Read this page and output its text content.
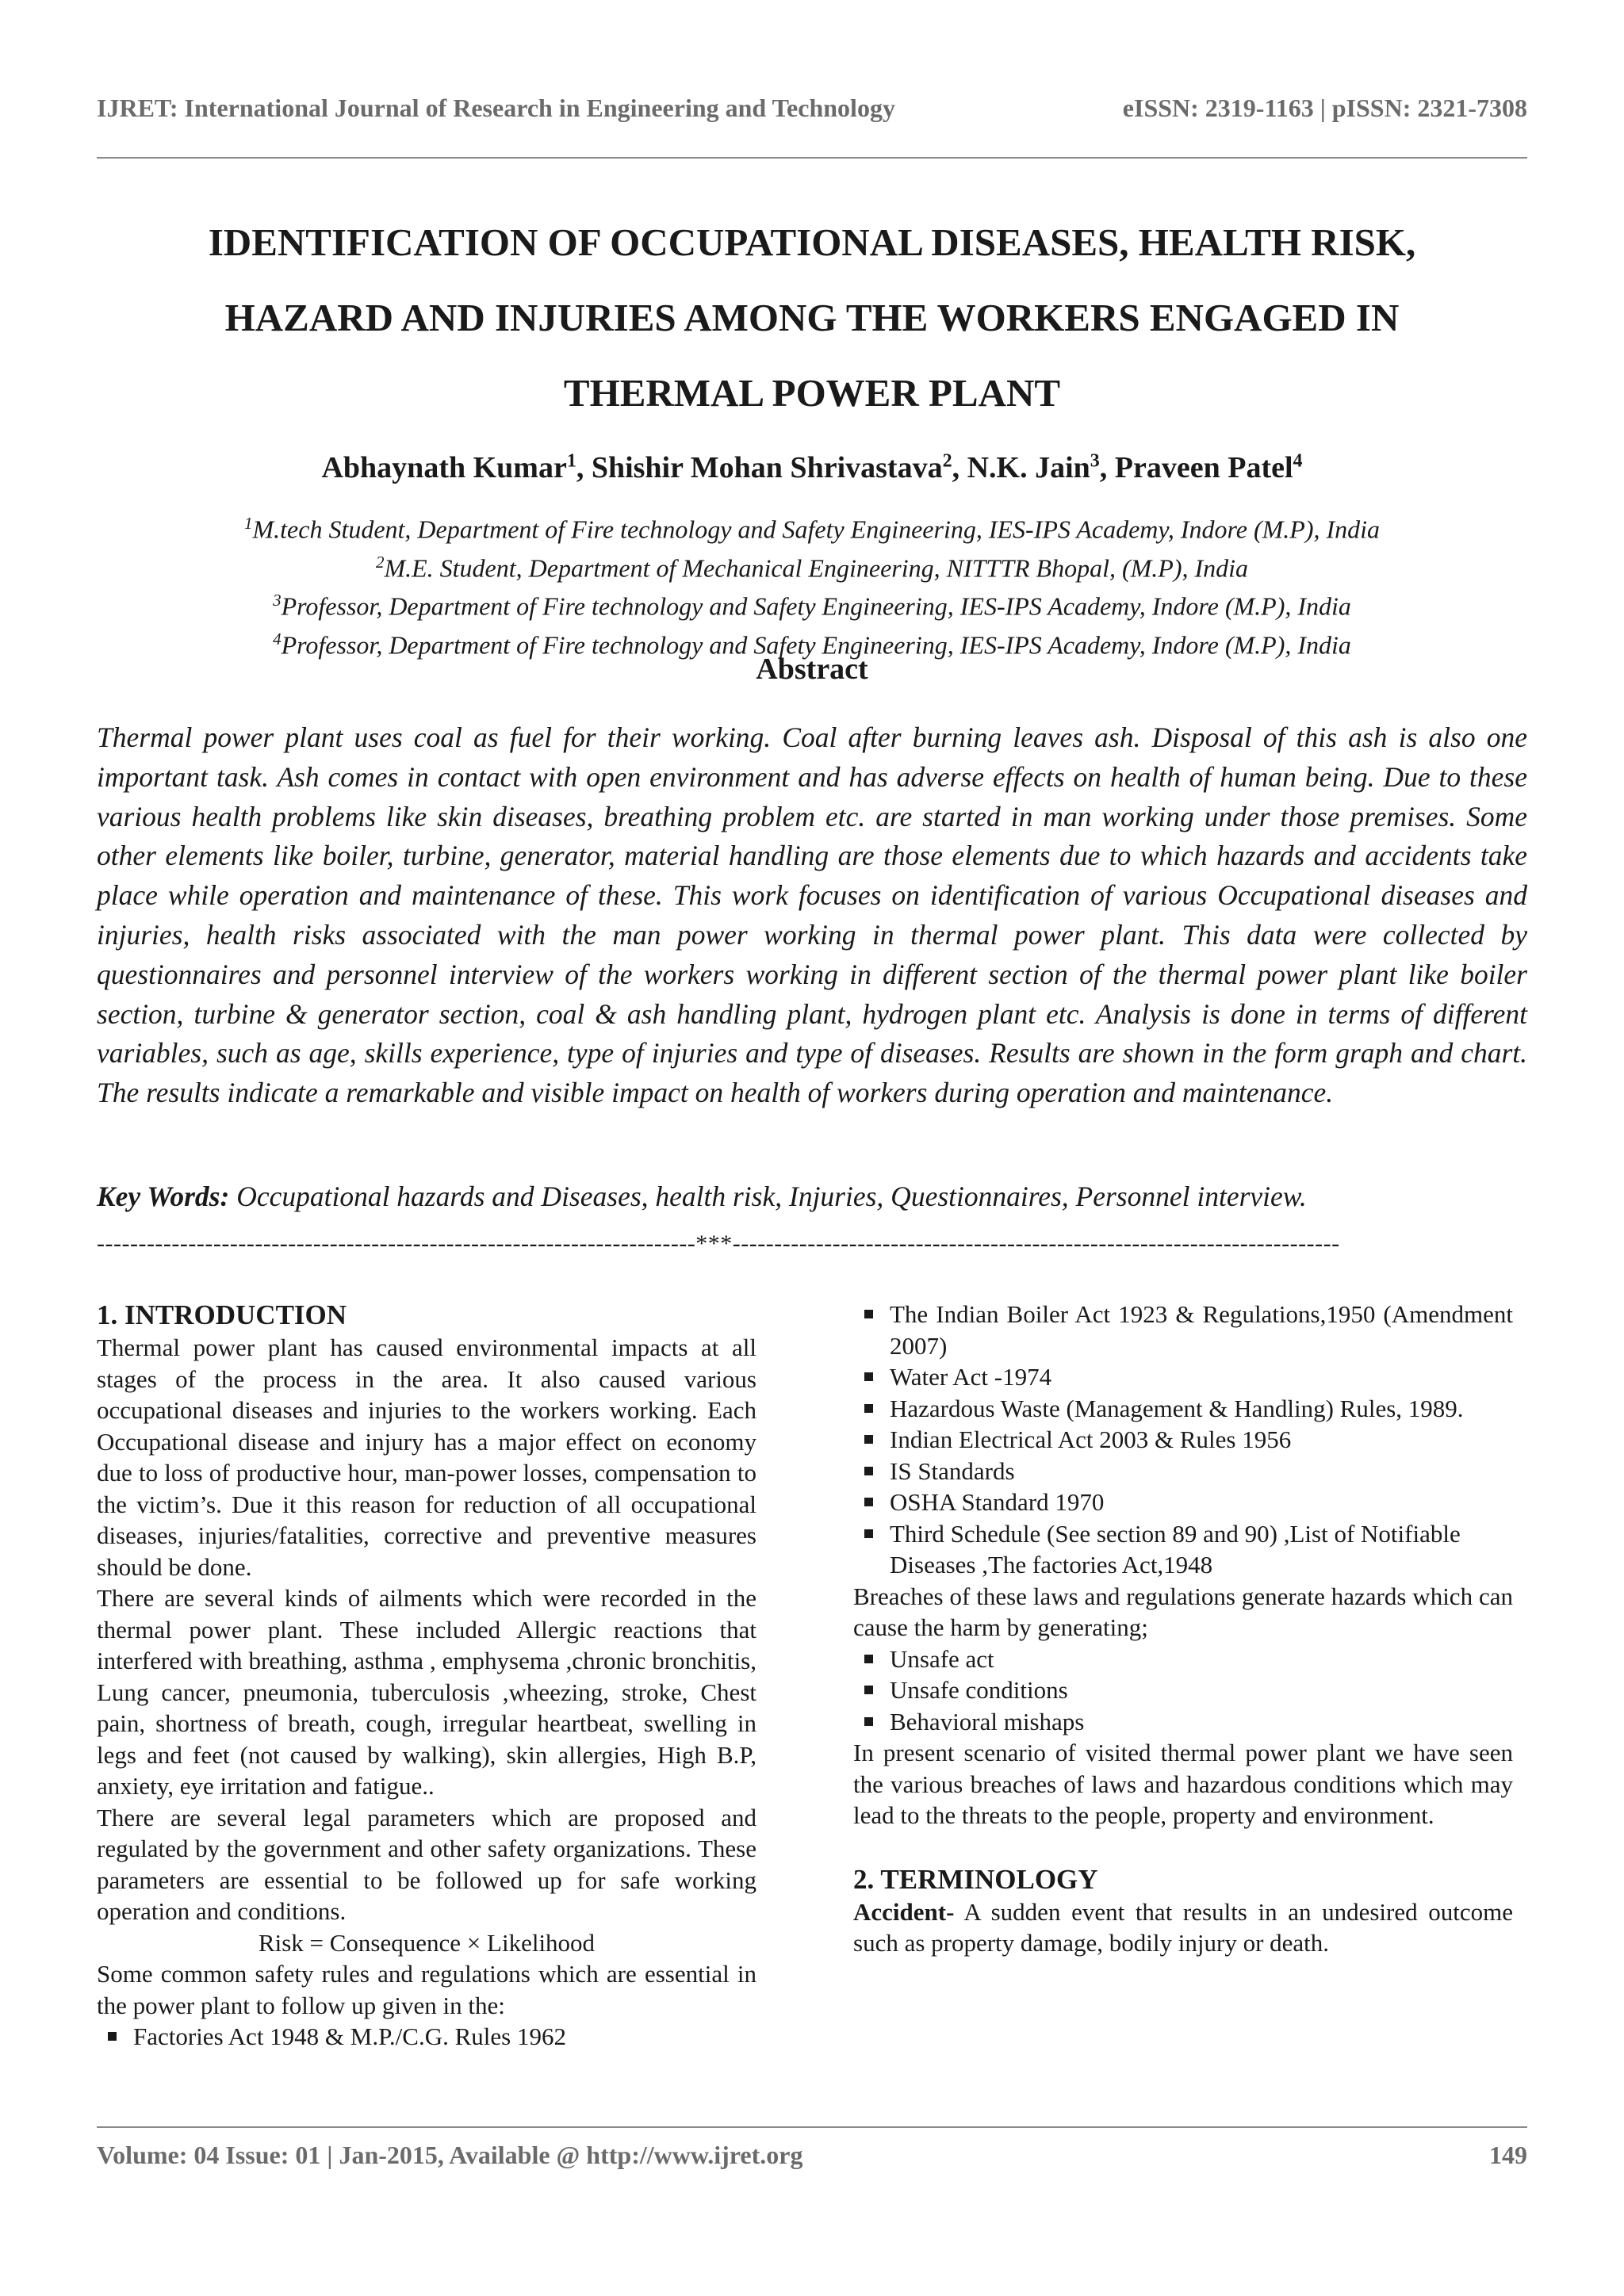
IJRET: International Journal of Research in Engineering and Technology	eISSN: 2319-1163 | pISSN: 2321-7308
IDENTIFICATION OF OCCUPATIONAL DISEASES, HEALTH RISK,
HAZARD AND INJURIES AMONG THE WORKERS ENGAGED IN
THERMAL POWER PLANT
Abhaynath Kumar$^1$, Shishir Mohan Shrivastava$^2$, N.K. Jain$^3$, Praveen Patel$^4$
$^1$M.tech Student, Department of Fire technology and Safety Engineering, IES-IPS Academy, Indore (M.P), India
$^2$M.E. Student, Department of Mechanical Engineering, NITTTR Bhopal, (M.P), India
$^3$Professor, Department of Fire technology and Safety Engineering, IES-IPS Academy, Indore (M.P), India
$^4$Professor, Department of Fire technology and Safety Engineering, IES-IPS Academy, Indore (M.P), India
Abstract
Thermal power plant uses coal as fuel for their working. Coal after burning leaves ash. Disposal of this ash is also one important task. Ash comes in contact with open environment and has adverse effects on health of human being. Due to these various health problems like skin diseases, breathing problem etc. are started in man working under those premises. Some other elements like boiler, turbine, generator, material handling are those elements due to which hazards and accidents take place while operation and maintenance of these. This work focuses on identification of various Occupational diseases and injuries, health risks associated with the man power working in thermal power plant. This data were collected by questionnaires and personnel interview of the workers working in different section of the thermal power plant like boiler section, turbine & generator section, coal & ash handling plant, hydrogen plant etc. Analysis is done in terms of different variables, such as age, skills experience, type of injuries and type of diseases. Results are shown in the form graph and chart. The results indicate a remarkable and visible impact on health of workers during operation and maintenance.
Key Words: Occupational hazards and Diseases, health risk, Injuries, Questionnaires, Personnel interview.
------------------------------------------------------------------------***-------------------------------------------------------------------------
1. INTRODUCTION

Thermal power plant has caused environmental impacts at all stages of the process in the area. It also caused various occupational diseases and injuries to the workers working. Each Occupational disease and injury has a major effect on economy due to loss of productive hour, man-power losses, compensation to the victim’s. Due it this reason for reduction of all occupational diseases, injuries/fatalities, corrective and preventive measures should be done.

There are several kinds of ailments which were recorded in the thermal power plant. These included Allergic reactions that interfered with breathing, asthma , emphysema ,chronic bronchitis, Lung cancer, pneumonia, tuberculosis ,wheezing, stroke, Chest pain, shortness of breath, cough, irregular heartbeat, swelling in legs and feet (not caused by walking), skin allergies, High B.P, anxiety, eye irritation and fatigue..

There are several legal parameters which are proposed and regulated by the government and other safety organizations. These parameters are essential to be followed up for safe working operation and conditions.

Risk = Consequence × Likelihood

Some common safety rules and regulations which are essential in the power plant to follow up given in the:

Factories Act 1948 & M.P./C.G. Rules 1962
The Indian Boiler Act 1923 & Regulations,1950 (Amendment 2007)
Water Act -1974
Hazardous Waste (Management & Handling) Rules, 1989.
Indian Electrical Act 2003 & Rules 1956
IS Standards
OSHA Standard 1970
Third Schedule (See section 89 and 90) ,List of Notifiable Diseases ,The factories Act,1948

Breaches of these laws and regulations generate hazards which can cause the harm by generating;

Unsafe act
Unsafe conditions
Behavioral mishaps

In present scenario of visited thermal power plant we have seen the various breaches of laws and hazardous conditions which may lead to the threats to the people, property and environment.

2. TERMINOLOGY

Accident- A sudden event that results in an undesired outcome such as property damage, bodily injury or death.

Volume: 04 Issue: 01 | Jan-2015, Available @ http://www.ijret.org	149
